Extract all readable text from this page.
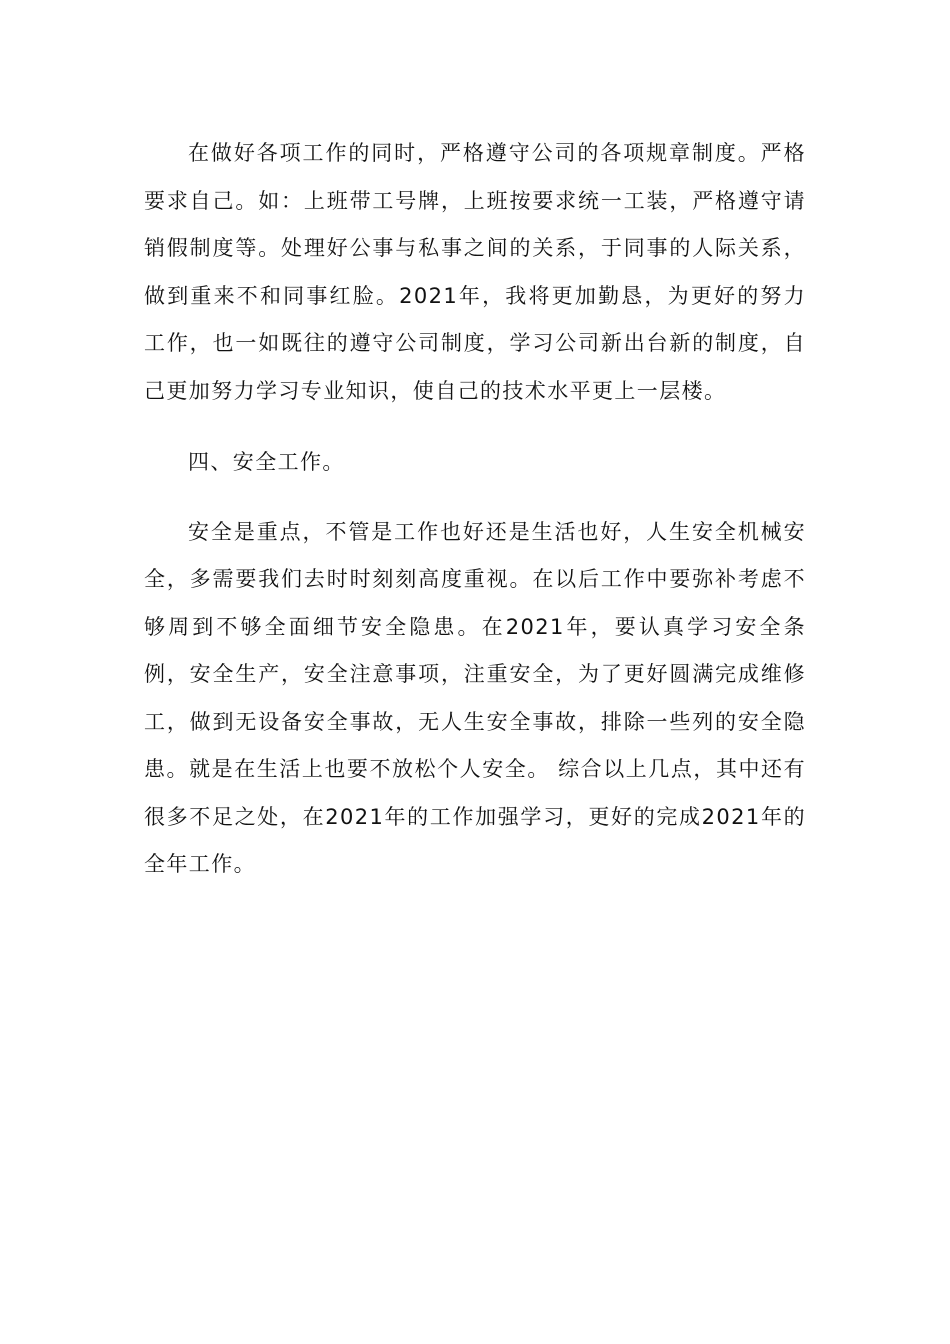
在做好各项工作的同时，严格遵守公司的各项规章制度。严格要求自己。如：上班带工号牌，上班按要求统一工装，严格遵守请销假制度等。处理好公事与私事之间的关系，于同事的人际关系，做到重来不和同事红脸。2021年，我将更加勤恳，为更好的努力工作，也一如既往的遵守公司制度，学习公司新出台新的制度，自己更加努力学习专业知识，使自己的技术水平更上一层楼。

四、安全工作。

安全是重点，不管是工作也好还是生活也好，人生安全机械安全，多需要我们去时时刻刻高度重视。在以后工作中要弥补考虑不够周到不够全面细节安全隐患。在2021年，要认真学习安全条例，安全生产，安全注意事项，注重安全，为了更好圆满完成维修工，做到无设备安全事故，无人生安全事故，排除一些列的安全隐患。就是在生活上也要不放松个人安全。 综合以上几点，其中还有很多不足之处，在2021年的工作加强学习，更好的完成2021年的全年工作。
